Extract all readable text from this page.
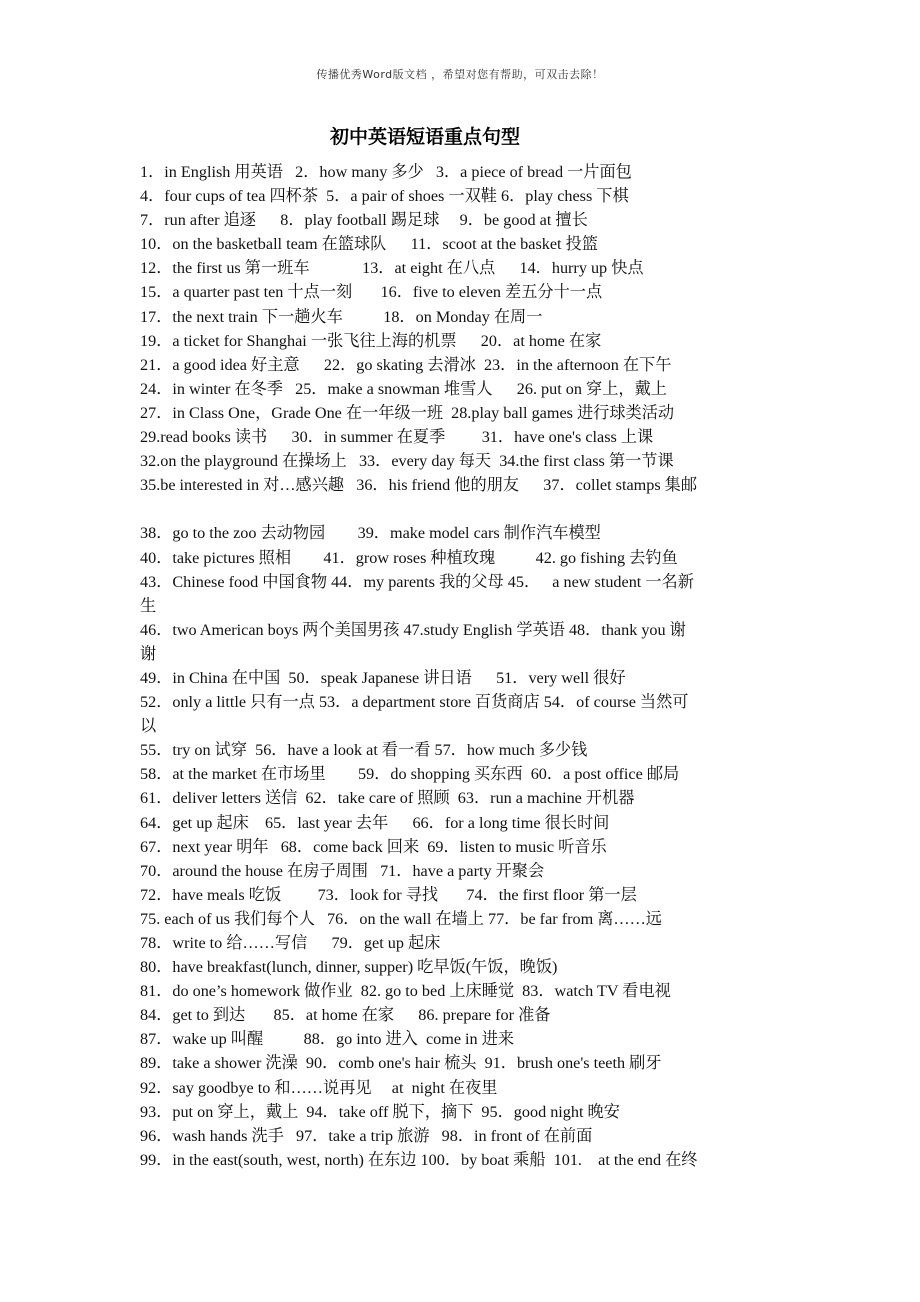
传播优秀Word版文档 ，希望对您有帮助，可双击去除！
初中英语短语重点句型
1．in English 用英语   2．how many 多少   3．a piece of bread 一片面包
4．four cups of tea 四杯茶  5．a pair of shoes 一双鞋 6．play chess 下棋
7．run after 追逐      8．play football 踢足球     9．be good at 擅长
10．on the basketball team 在篮球队      11．scoot at the basket 投篮
12．the first us 第一班车             13．at eight 在八点      14．hurry up 快点
15．a quarter past ten 十点一刻       16．five to eleven 差五分十一点
17．the next train 下一趟火车          18．on Monday 在周一
19．a ticket for Shanghai 一张飞往上海的机票      20．at home 在家
21．a good idea 好主意      22．go skating 去滑冰  23．in the afternoon 在下午
24．in winter 在冬季   25．make a snowman 堆雪人      26. put on 穿上，戴上
27．in Class One，Grade One 在一年级一班  28.play ball games 进行球类活动
29.read books 读书      30．in summer 在夏季         31．have one's class 上课
32.on the playground 在操场上   33．every day 每天  34.the first class 第一节课
35.be interested in 对…感兴趣   36．his friend 他的朋友      37．collet stamps 集邮
38．go to the zoo 去动物园        39．make model cars 制作汽车模型
40．take pictures 照相        41．grow roses 种植玫瑰          42. go fishing 去钓鱼
43．Chinese food 中国食物 44．my parents 我的父母 45．   a new student 一名新
生
46．two American boys 两个美国男孩 47.study English 学英语 48．thank you 谢
谢
49．in China 在中国  50．speak Japanese 讲日语      51．very well 很好
52．only a little 只有一点 53．a department store 百货商店 54．of course 当然可
以
55．try on 试穿  56．have a look at 看一看 57．how much 多少钱
58．at the market 在市场里        59．do shopping 买东西  60．a post office 邮局
61．deliver letters 送信  62．take care of 照顾  63．run a machine 开机器
64．get up 起床    65．last year 去年      66．for a long time 很长时间
67．next year 明年   68．come back 回来  69．listen to music 听音乐
70．around the house 在房子周围   71．have a party 开聚会
72．have meals 吃饭         73．look for 寻找       74．the first floor 第一层
75. each of us 我们每个人   76．on the wall 在墙上 77．be far from 离……远
78．write to 给……写信      79．get up 起床
80．have breakfast(lunch, dinner, supper) 吃早饭(午饭，晚饭)
81．do one’s homework 做作业  82. go to bed 上床睡觉  83．watch TV 看电视
84．get to 到达       85．at home 在家      86. prepare for 准备
87．wake up 叫醒          88．go into 进入  come in 进来
89．take a shower 洗澡  90．comb one's hair 梳头  91．brush one's teeth 刷牙
92．say goodbye to 和……说再见     at  night 在夜里
93．put on 穿上，戴上  94．take off 脱下，摘下  95．good night 晚安
96．wash hands 洗手   97．take a trip 旅游   98．in front of 在前面
99．in the east(south, west, north) 在东边 100．by boat 乘船  101.    at the end 在终
